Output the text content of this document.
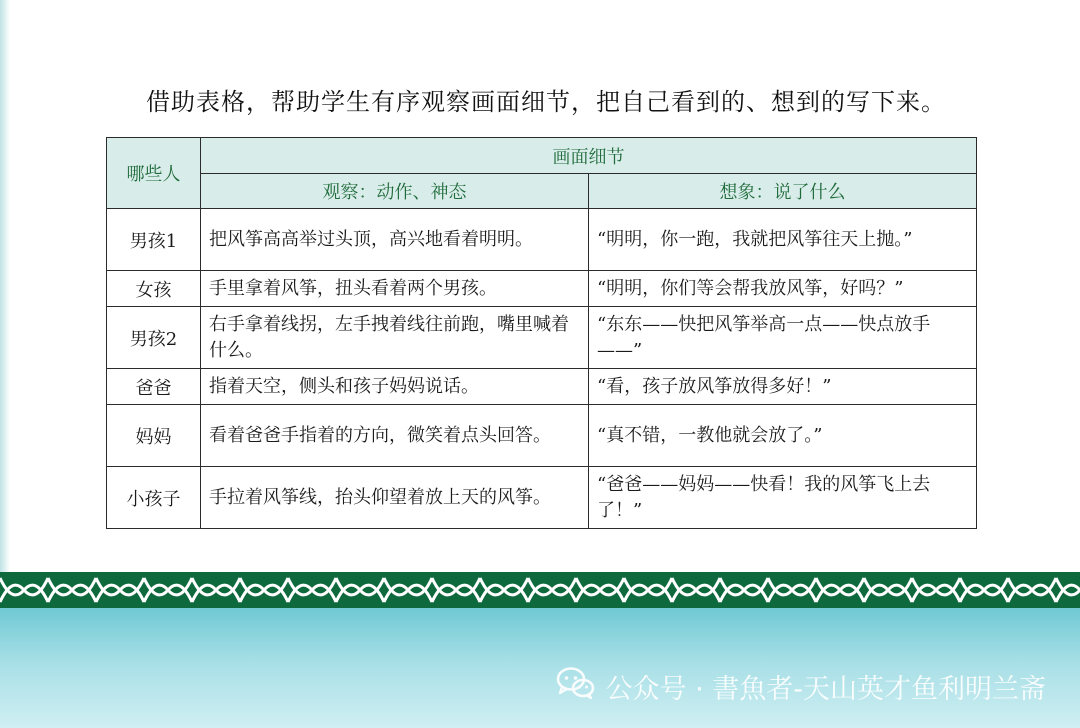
借助表格，帮助学生有序观察画面细节，把自己看到的、想到的写下来。
哪些人	画面细节	
	观察：动作、神态	想象：说了什么
男孩1	把风筝高高举过头顶，高兴地看着明明。	“明明，你一跑，我就把风筝往天上抛。”
女孩	手里拿着风筝，扭头看着两个男孩。	“明明，你们等会帮我放风筝，好吗？”
男孩2	右手拿着线拐，左手拽着线往前跑，嘴里喊着什么。	“东东——快把风筝举高一点——快点放手——”
爸爸	指着天空，侧头和孩子妈妈说话。	“看，孩子放风筝放得多好！”
妈妈	看着爸爸手指着的方向，微笑着点头回答。	“真不错，一教他就会放了。”
小孩子	手拉着风筝线，抬头仰望着放上天的风筝。	“爸爸——妈妈——快看！我的风筝飞上去了！”
公众号 · 書魚者-天山英才鱼利明兰斋
